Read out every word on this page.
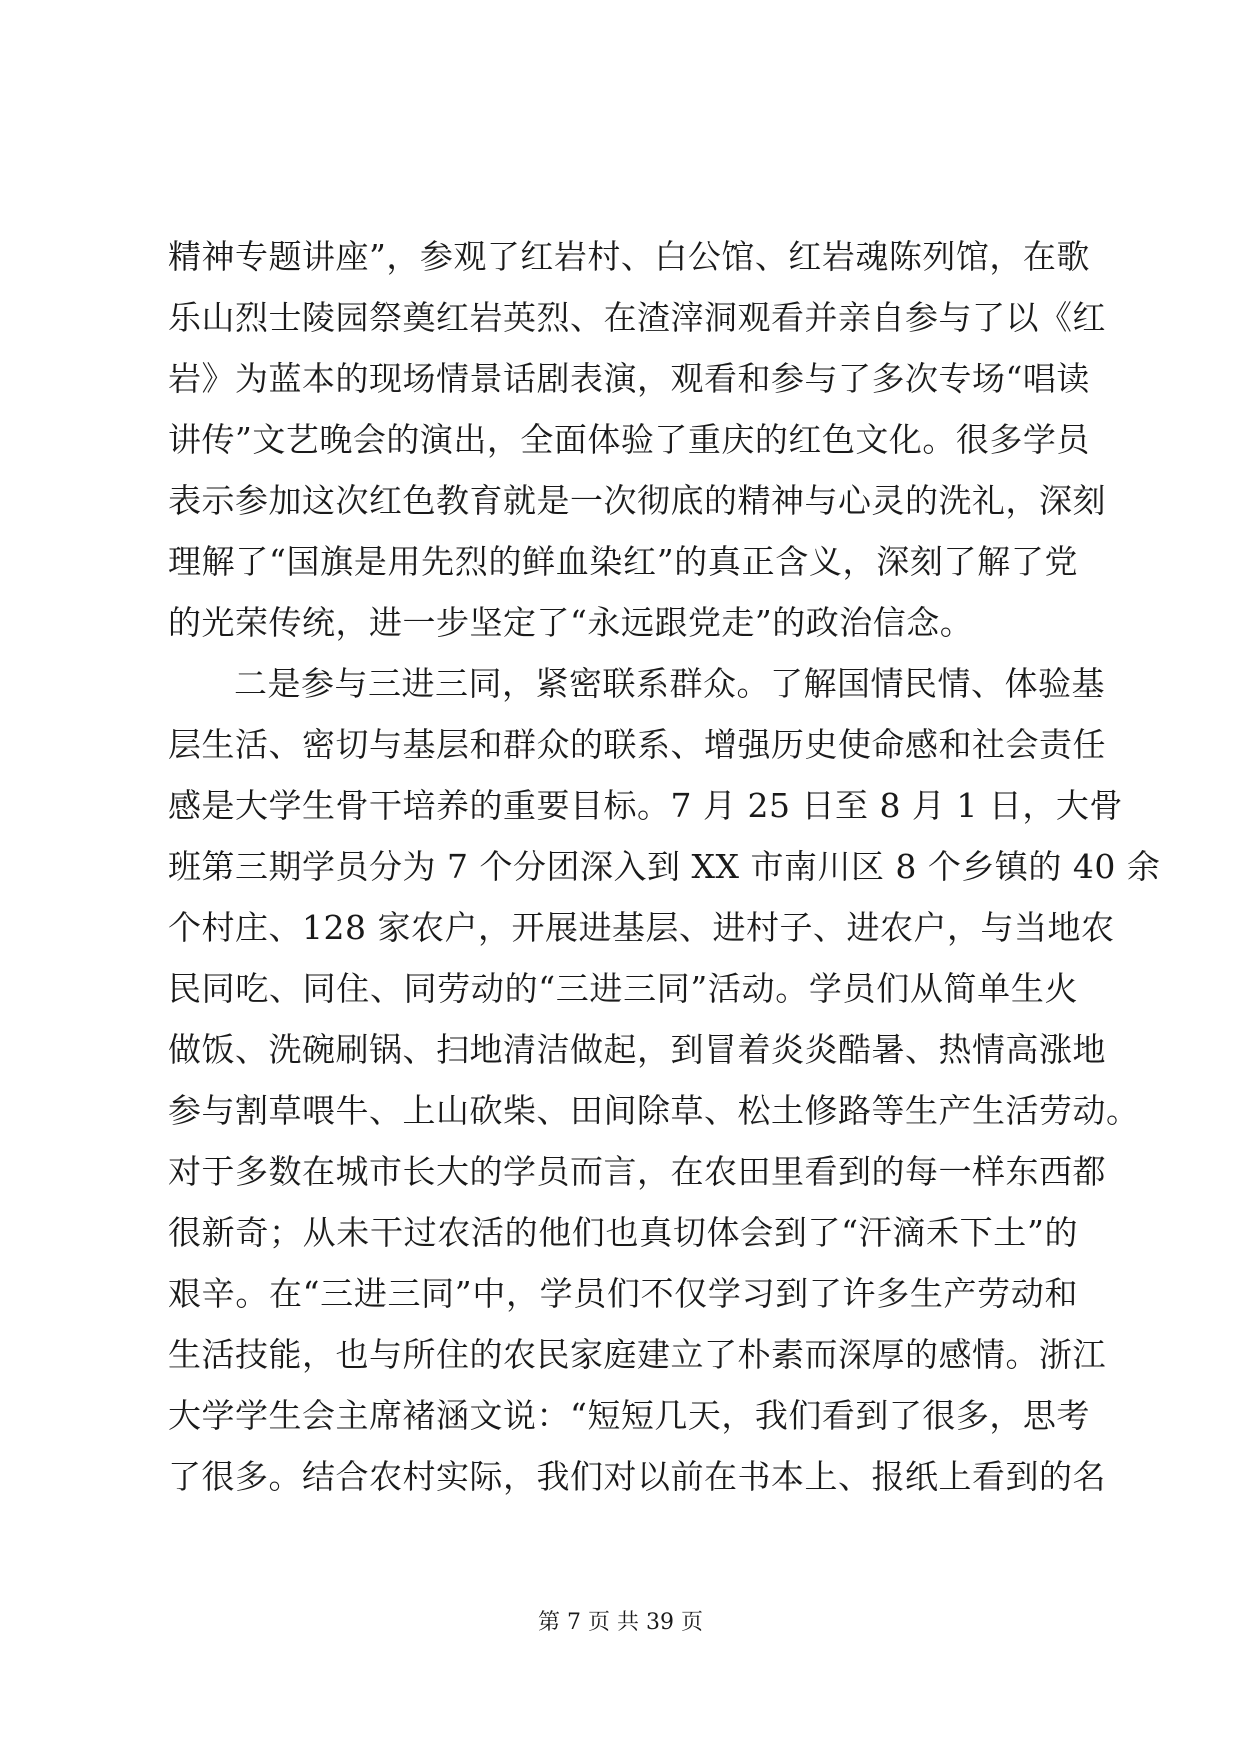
精神专题讲座”，参观了红岩村、白公馆、红岩魂陈列馆，在歌
乐山烈士陵园祭奠红岩英烈、在渣滓洞观看并亲自参与了以《红
岩》为蓝本的现场情景话剧表演，观看和参与了多次专场“唱读
讲传”文艺晚会的演出，全面体验了重庆的红色文化。很多学员
表示参加这次红色教育就是一次彻底的精神与心灵的洗礼，深刻
理解了“国旗是用先烈的鲜血染红”的真正含义，深刻了解了党
的光荣传统，进一步坚定了“永远跟党走”的政治信念。
二是参与三进三同，紧密联系群众。了解国情民情、体验基
层生活、密切与基层和群众的联系、增强历史使命感和社会责任
感是大学生骨干培养的重要目标。7 月 25 日至 8 月 1 日，大骨
班第三期学员分为 7 个分团深入到 XX 市南川区 8 个乡镇的 40 余
个村庄、128 家农户，开展进基层、进村子、进农户，与当地农
民同吃、同住、同劳动的“三进三同”活动。学员们从简单生火
做饭、洗碗刷锅、扫地清洁做起，到冒着炎炎酷暑、热情高涨地
参与割草喂牛、上山砍柴、田间除草、松土修路等生产生活劳动。
对于多数在城市长大的学员而言，在农田里看到的每一样东西都
很新奇；从未干过农活的他们也真切体会到了“汗滴禾下土”的
艰辛。在“三进三同”中，学员们不仅学习到了许多生产劳动和
生活技能，也与所住的农民家庭建立了朴素而深厚的感情。浙江
大学学生会主席褚涵文说：“短短几天，我们看到了很多，思考
了很多。结合农村实际，我们对以前在书本上、报纸上看到的名
第 7 页 共 39 页
